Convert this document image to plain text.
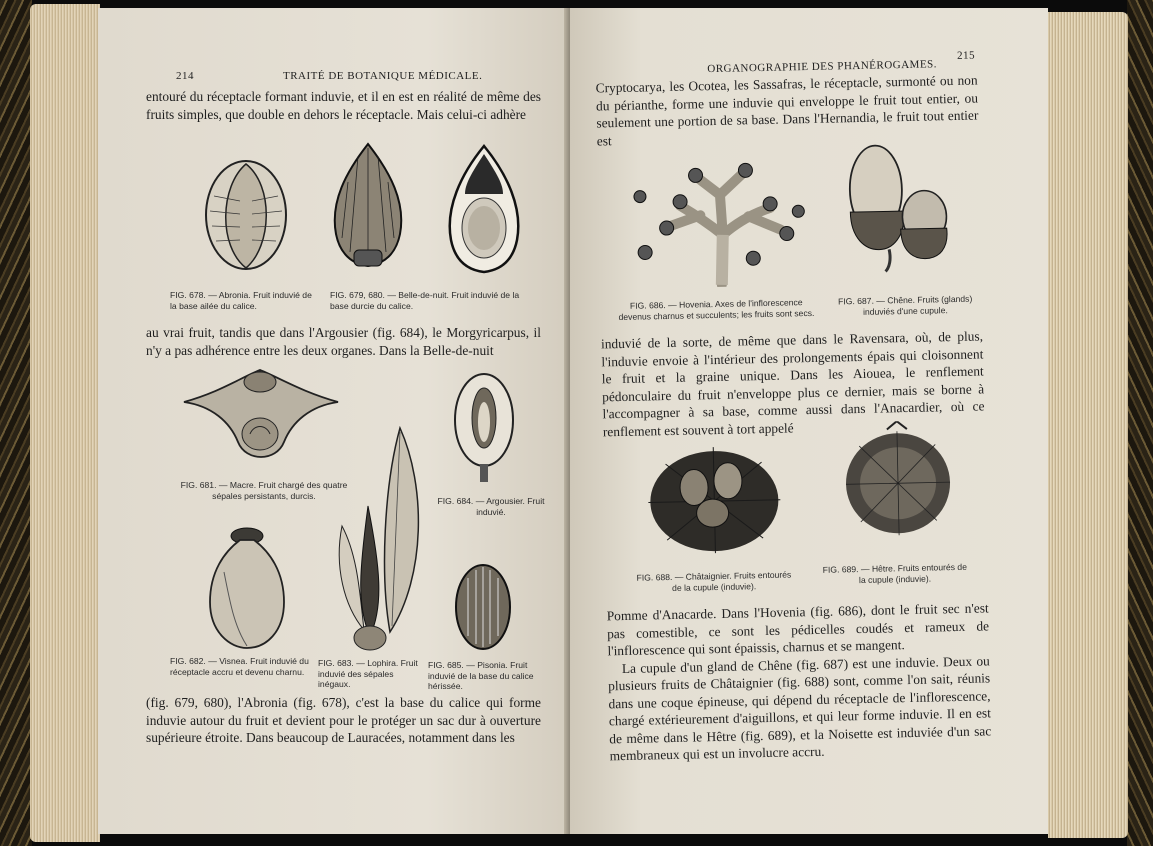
214	TRAITÉ DE BOTANIQUE MÉDICALE.

entouré du réceptacle formant induvie, et il en est en réalité de même des fruits simples, que double en dehors le réceptacle. Mais celui-ci adhère

FIG. 678. — Abronia. Fruit induvié de la base ailée du calice.
FIG. 679, 680. — Belle-de-nuit. Fruit induvié de la base durcie du calice.

au vrai fruit, tandis que dans l'Argousier (fig. 684), le Morgyricarpus, il n'y a pas adhérence entre les deux organes. Dans la Belle-de-nuit

FIG. 681. — Macre. Fruit chargé des quatre sépales persistants, durcis.
FIG. 684. — Argousier. Fruit induvié.
FIG. 682. — Visnea. Fruit induvié du réceptacle accru et devenu charnu.
FIG. 683. — Lophira. Fruit induvié des sépales inégaux.
FIG. 685. — Pisonia. Fruit induvié de la base du calice hérissée.

(fig. 679, 680), l'Abronia (fig. 678), c'est la base du calice qui forme induvie autour du fruit et devient pour le protéger un sac dur à ouverture supérieure étroite. Dans beaucoup de Lauracées, notamment dans les

ORGANOGRAPHIE DES PHANÉROGAMES.
215

Cryptocarya, les Ocotea, les Sassafras, le réceptacle, surmonté ou non du périanthe, forme une induvie qui enveloppe le fruit tout entier, ou seulement une portion de sa base. Dans l'Hernandia, le fruit tout entier est

FIG. 686. — Hovenia. Axes de l'inflorescence devenus charnus et succulents; les fruits sont secs.
FIG. 687. — Chêne. Fruits (glands) induviés d'une cupule.

induvié de la sorte, de même que dans le Ravensara, où, de plus, l'induvie envoie à l'intérieur des prolongements épais qui cloisonnent le fruit et la graine unique. Dans les Aiouea, le renflement pédonculaire du fruit n'enveloppe plus ce dernier, mais se borne à l'accompagner à sa base, comme aussi dans l'Anacardier, où ce renflement est souvent à tort appelé

FIG. 688. — Châtaignier. Fruits entourés de la cupule (induvie).
FIG. 689. — Hêtre. Fruits entourés de la cupule (induvie).

Pomme d'Anacarde. Dans l'Hovenia (fig. 686), dont le fruit sec n'est pas comestible, ce sont les pédicelles coudés et rameux de l'inflorescence qui sont épaissis, charnus et se mangent.

La cupule d'un gland de Chêne (fig. 687) est une induvie. Deux ou plusieurs fruits de Châtaignier (fig. 688) sont, comme l'on sait, réunis dans une coque épineuse, qui dépend du réceptacle de l'inflorescence, chargé extérieurement d'aiguillons, et qui leur forme induvie. Il en est de même dans le Hêtre (fig. 689), et la Noisette est induviée d'un sac membraneux qui est un involucre accru.
